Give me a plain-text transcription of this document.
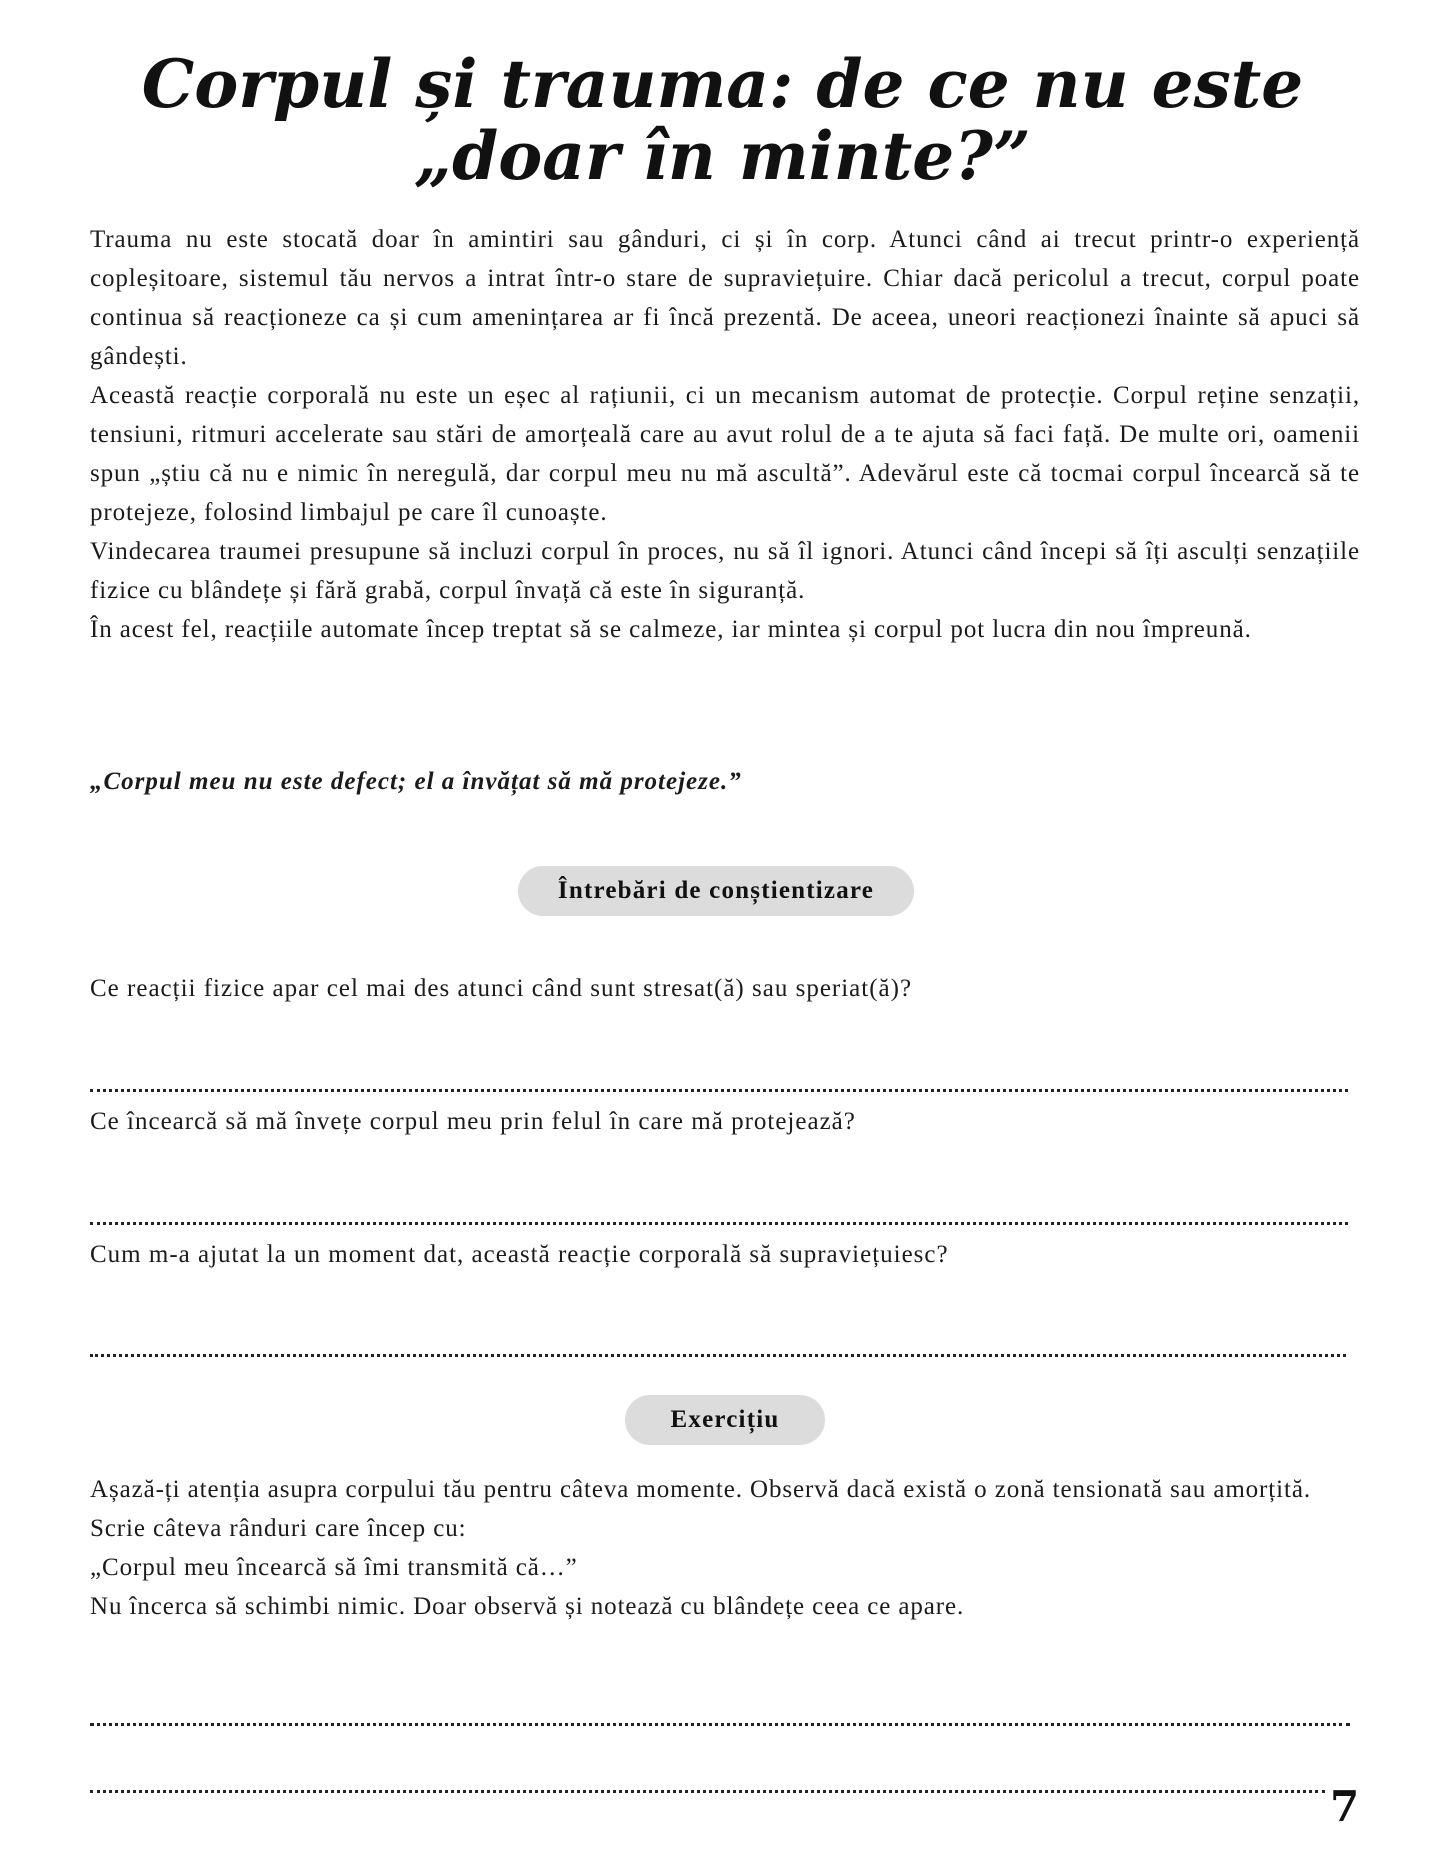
Corpul și trauma: de ce nu este „doar în minte?”

Trauma nu este stocată doar în amintiri sau gânduri, ci și în corp. Atunci când ai trecut printr-o experiență copleșitoare, sistemul tău nervos a intrat într-o stare de supraviețuire. Chiar dacă pericolul a trecut, corpul poate continua să reacționeze ca și cum amenințarea ar fi încă prezentă. De aceea, uneori reacționezi înainte să apuci să gândești.

Această reacție corporală nu este un eșec al rațiunii, ci un mecanism automat de protecție. Corpul reține senzații, tensiuni, ritmuri accelerate sau stări de amorțeală care au avut rolul de a te ajuta să faci față. De multe ori, oamenii spun „știu că nu e nimic în neregulă, dar corpul meu nu mă ascultă”. Adevărul este că tocmai corpul încearcă să te protejeze, folosind limbajul pe care îl cunoaște.

Vindecarea traumei presupune să incluzi corpul în proces, nu să îl ignori. Atunci când începi să îți asculți senzațiile fizice cu blândețe și fără grabă, corpul învață că este în siguranță.

În acest fel, reacțiile automate încep treptat să se calmeze, iar mintea și corpul pot lucra din nou împreună.

„Corpul meu nu este defect; el a învățat să mă protejeze.”

Întrebări de conștientizare

Ce reacții fizice apar cel mai des atunci când sunt stresat(ă) sau speriat(ă)?

Ce încearcă să mă învețe corpul meu prin felul în care mă protejează?

Cum m-a ajutat la un moment dat, această reacție corporală să supraviețuiesc?

Exercițiu

Așază-ți atenția asupra corpului tău pentru câteva momente. Observă dacă există o zonă tensionată sau amorțită.

Scrie câteva rânduri care încep cu:

„Corpul meu încearcă să îmi transmită că…”

Nu încerca să schimbi nimic. Doar observă și notează cu blândețe ceea ce apare.

7
